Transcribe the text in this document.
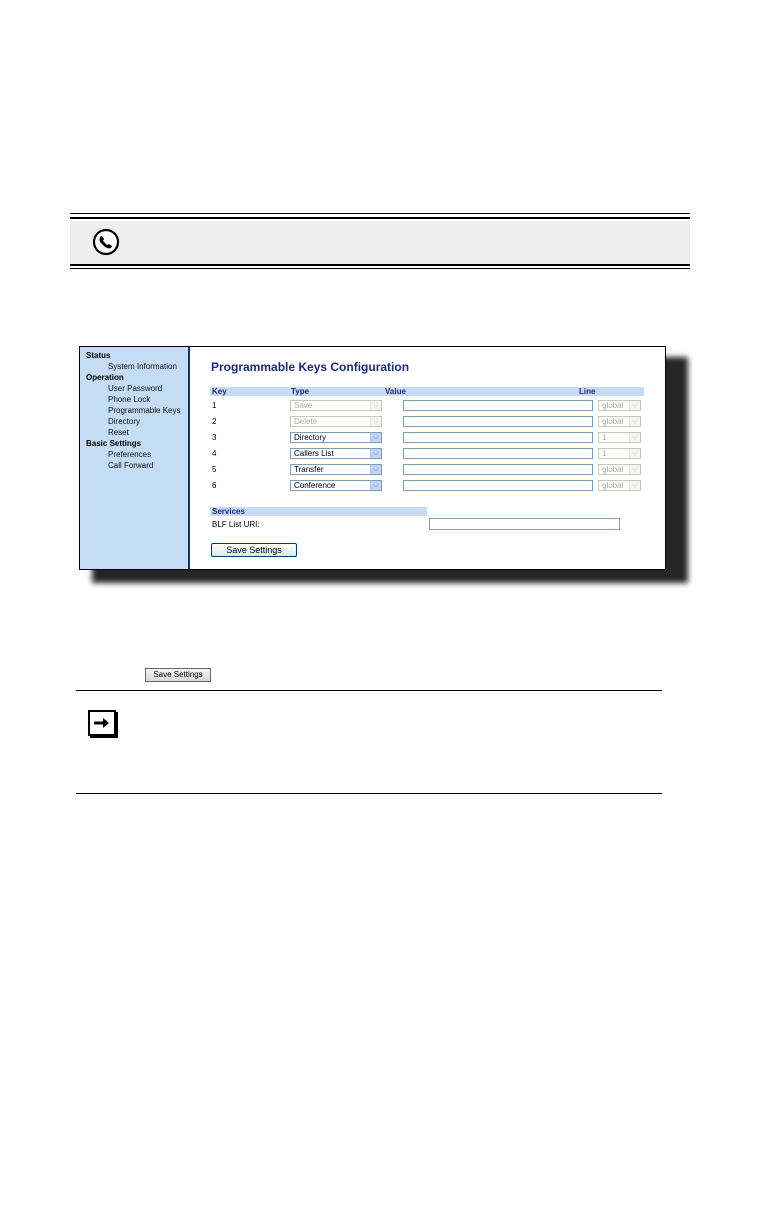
Status
System Information
Operation
User Password
Phone Lock
Programmable Keys
Directory
Reset
Basic Settings
Preferences
Call Forward
Programmable Keys Configuration
Key	Type	Value	Line
1	Save	⌵	global	⌵
2	Delete	⌵	global	⌵
3	Directory	⌵	1	⌵
4	Callers List	⌵	1	⌵
5	Transfer	⌵	global	⌵
6	Conference	⌵	global	⌵
Services
BLF List URI:
Save Settings
Save Settings
